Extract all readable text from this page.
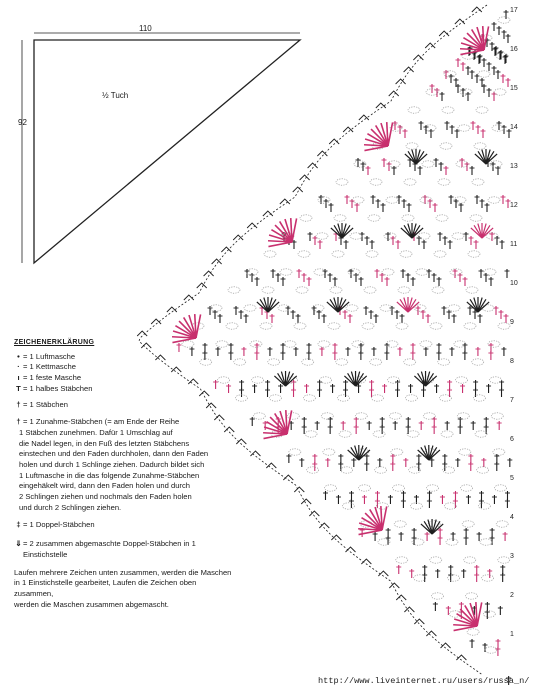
110
92
½ Tuch
17
16
15
14
13
12
11
10
9
8
7
6
5
4
3
2
1
ZEICHENERKLÄRUNG
• = 1 Luftmasche
· = 1 Kettmasche
ı = 1 feste Masche
T = 1 halbes Stäbchen
† = 1 Stäbchen
† = 1 Zunahme-Stäbchen (= am Ende der Reihe
1 Stäbchen zunehmen. Dafür 1 Umschlag auf
die Nadel legen, in den Fuß des letzten Stäbchens
einstechen und den Faden durchholen, dann den Faden
holen und durch 1 Schlinge ziehen. Dadurch bildet sich
1 Luftmasche in die das folgende Zunahme-Stäbchen
eingehäkelt wird, dann den Faden holen und durch
2 Schlingen ziehen und nochmals den Faden holen
und durch 2 Schlingen ziehen.
‡ = 1 Doppel-Stäbchen
⇓ = 2 zusammen abgemaschte Doppel-Stäbchen in 1 Einstichstelle
Laufen mehrere Zeichen unten zusammen, werden die Maschen
in 1 Einstichstelle gearbeitet, Laufen die Zeichen oben zusammen,
werden die Maschen zusammen abgemascht.
http://www.liveinternet.ru/users/russa_n/
